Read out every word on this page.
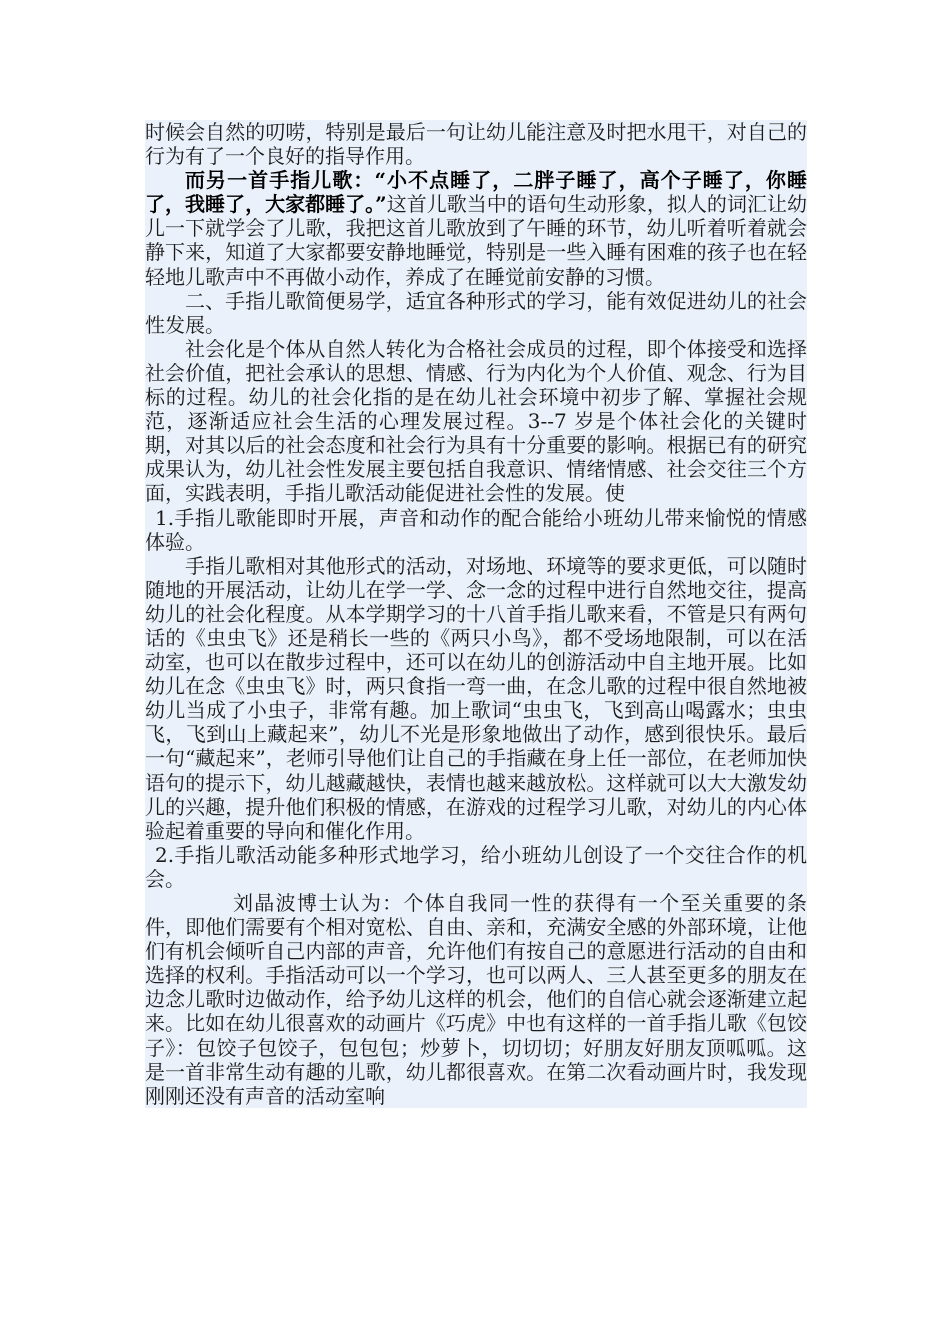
时候会自然的叨唠，特别是最后一句让幼儿能注意及时把水甩干，对自己的行为有了一个良好的指导作用。

而另一首手指儿歌：“小不点睡了，二胖子睡了，高个子睡了，你睡了，我睡了，大家都睡了。”这首儿歌当中的语句生动形象，拟人的词汇让幼儿一下就学会了儿歌，我把这首儿歌放到了午睡的环节，幼儿听着听着就会静下来，知道了大家都要安静地睡觉，特别是一些入睡有困难的孩子也在轻轻地儿歌声中不再做小动作，养成了在睡觉前安静的习惯。

二、手指儿歌简便易学，适宜各种形式的学习，能有效促进幼儿的社会性发展。

社会化是个体从自然人转化为合格社会成员的过程，即个体接受和选择社会价值，把社会承认的思想、情感、行为内化为个人价值、观念、行为目标的过程。幼儿的社会化指的是在幼儿社会环境中初步了解、掌握社会规范，逐渐适应社会生活的心理发展过程。3--7 岁是个体社会化的关键时期，对其以后的社会态度和社会行为具有十分重要的影响。根据已有的研究成果认为，幼儿社会性发展主要包括自我意识、情绪情感、社会交往三个方面，实践表明，手指儿歌活动能促进社会性的发展。使

1.手指儿歌能即时开展，声音和动作的配合能给小班幼儿带来愉悦的情感体验。

手指儿歌相对其他形式的活动，对场地、环境等的要求更低，可以随时随地的开展活动，让幼儿在学一学、念一念的过程中进行自然地交往，提高幼儿的社会化程度。从本学期学习的十八首手指儿歌来看，不管是只有两句话的《虫虫飞》还是稍长一些的《两只小鸟》，都不受场地限制，可以在活动室，也可以在散步过程中，还可以在幼儿的创游活动中自主地开展。比如幼儿在念《虫虫飞》时，两只食指一弯一曲，在念儿歌的过程中很自然地被幼儿当成了小虫子，非常有趣。加上歌词“虫虫飞，飞到高山喝露水；虫虫飞，飞到山上藏起来”，幼儿不光是形象地做出了动作，感到很快乐。最后一句“藏起来”，老师引导他们让自己的手指藏在身上任一部位，在老师加快语句的提示下，幼儿越藏越快，表情也越来越放松。这样就可以大大激发幼儿的兴趣，提升他们积极的情感，在游戏的过程学习儿歌，对幼儿的内心体验起着重要的导向和催化作用。

2.手指儿歌活动能多种形式地学习，给小班幼儿创设了一个交往合作的机会。

刘晶波博士认为：个体自我同一性的获得有一个至关重要的条件，即他们需要有个相对宽松、自由、亲和，充满安全感的外部环境，让他们有机会倾听自己内部的声音，允许他们有按自己的意愿进行活动的自由和选择的权利。手指活动可以一个学习，也可以两人、三人甚至更多的朋友在边念儿歌时边做动作，给予幼儿这样的机会，他们的自信心就会逐渐建立起来。比如在幼儿很喜欢的动画片《巧虎》中也有这样的一首手指儿歌《包饺子》：包饺子包饺子，包包包；炒萝卜，切切切；好朋友好朋友顶呱呱。这是一首非常生动有趣的儿歌，幼儿都很喜欢。在第二次看动画片时，我发现刚刚还没有声音的活动室响
